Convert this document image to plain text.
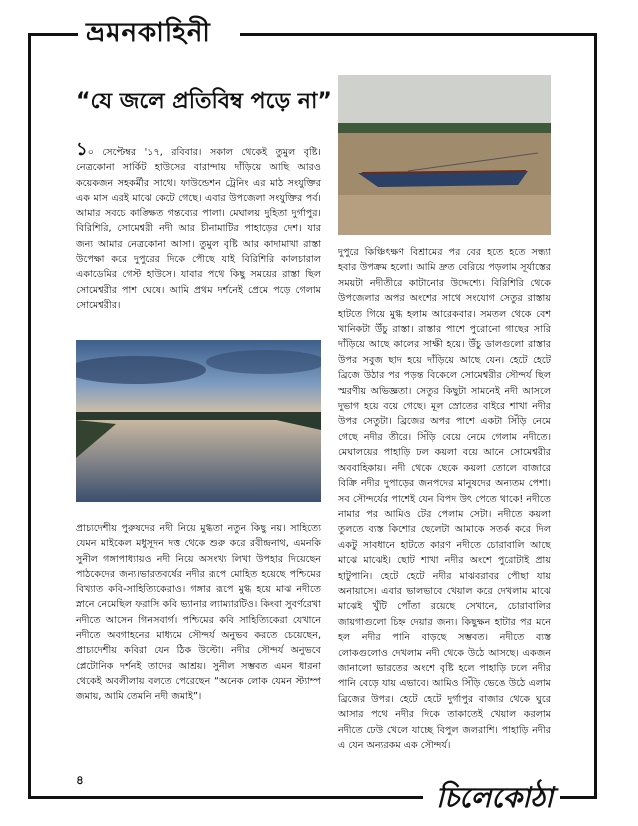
ভ্রমনকাহিনী
“যে জলে প্রতিবিম্ব পড়ে না”
১০ সেপ্টেম্বর '১৭, রবিবার। সকাল থেকেই তুমুল বৃষ্টি। নেত্রকোনা সার্কিট হাউসের বারান্দায় দাঁড়িয়ে আছি আরও কয়েকজন সহকর্মীর সাথে। ফাউন্ডেশন ট্রেনিং এর মাঠ সংযুক্তির এক মাস এরই মাঝে কেটে গেছে। এবার উপজেলা সংযুক্তির পর্ব। আমার সবচে কাঙ্ক্ষিত গন্তব্যের পালা। মেঘালয় দুহিতা দুর্গাপুর। বিরিশিরি, সোমেশ্বরী নদী আর চীনামাটির পাহাড়ের দেশ। যার জন্য আমার নেত্রকোনা আসা। তুমুল বৃষ্টি আর কাদামাখা রাস্তা উপেক্ষা করে দুপুরের দিকে পৌছে যাই বিরিশিরি কালচারাল একাডেমির গেস্ট হাউসে। যাবার পথে কিছু সময়ের রাস্তা ছিল সোমেশ্বরীর পাশ ঘেষে। আমি প্রথম দর্শনেই প্রেমে পড়ে গেলাম সোমেশ্বরীর।
প্রাচ্যদেশীয় পুরুষদের নদী নিয়ে মুগ্ধতা নতুন কিছু নয়। সাহিত্যে যেমন মাইকেল মধুসূদন দত্ত থেকে শুরু করে রবীন্দ্রনাথ, এমনকি সুনীল গঙ্গাপাধ্যায়ও নদী নিয়ে অসংখ্য লিখা উপহার দিয়েছেন পাঠকেদের জন্য।ভারতবর্ষের নদীর রূপে মোহিত হয়েছে পশ্চিমের বিখ্যাত কবি-সাহিত্যিকেরাও। গঙ্গার রূপে মুগ্ধ হয়ে মাঝ নদীতে স্নানে নেমেছিল ফরাসি কবি ভ্যানার ল্যাম্যারটিও। কিংবা সুবর্ণরেখা নদীতে আসেন গিনসবার্গ। পশ্চিমের কবি সাহিত্যিকেরা যেখানে নদীতে অবগাহনের মাধ্যমে সৌন্দর্য অনুভব করতে চেয়েছেন, প্রাচ্যদেশীয় কবিরা যেন ঠিক উল্টো। নদীর সৌন্দর্য অনুভবে প্লেটোনিক দর্শনই তাদের আশ্রয়। সুনীল সম্ভবত এমন ধারনা থেকেই অবলীলায় বলতে পেরেছেন “অনেক লোক যেমন স্ট্যাম্প জমায়, আমি তেমনি নদী জমাই”।
দুপুরে কিঞ্চিৎক্ষণ বিশ্রামের পর বের হতে হতে সন্ধ্যা হবার উপক্রম হলো। আমি দ্রুত বেরিয়ে পড়লাম সূর্যাস্তের সময়টা নদীতীরে কাটানোর উদ্দেশ্যে। বিরিশিরি থেকে উপজেলার অপর অংশের সাথে সংযোগ সেতুর রাস্তায় হাটতে গিয়ে মুগ্ধ হলাম আরেকবার। সমতল থেকে বেশ খানিকটা উঁচু রাস্তা। রাস্তার পাশে পুরোনো গাছের সারি দাঁড়িয়ে আছে কালের সাক্ষী হয়ে। উঁচু ডালগুলো রাস্তার উপর সবুজ ছাদ হয়ে দাঁড়িয়ে আছে যেন। হেটে হেটে ব্রিজে উঠার পর পড়ন্ত বিকেলে সোমেশ্বরীর সৌন্দর্য ছিল স্মরণীয় অভিজ্ঞতা। সেতুর কিছুটা সামনেই নদী আসলে দুভাগ হয়ে বয়ে গেছে। মূল স্রোতের বাইরে শাখা নদীর উপর সেতুটা। ব্রিজের অপর পাশে একটা সিঁড়ি নেমে গেছে নদীর তীরে। সিঁড়ি বেয়ে নেমে গেলাম নদীতে। মেঘালয়ের পাহাড়ি ঢল কয়লা বয়ে আনে সোমেশ্বরীর অববাহিকায়। নদী থেকে ছেকে কয়লা তোলে বাজারে বিক্রি নদীর দুপাড়ের জনপদের মানুষদের অন্যতম পেশা। সব সৌন্দর্যের পাশেই যেন বিপদ উৎ পেতে থাকে! নদীতে নামার পর আমিও টের পেলাম সেটা। নদীতে কয়লা তুলতে ব্যস্ত কিশোর ছেলেটা আমাকে সতর্ক করে দিল একটু সাবধানে হাটতে কারণ নদীতে চোরাবালি আছে মাঝে মাঝেই। ছোট শাখা নদীর অংশে পুরোটাই প্রায় হাটুপানি। হেটে হেটে নদীর মাঝবরাবর পৌছা যায় অনায়াসে। এবার ভালভাবে খেয়াল করে দেখলাম মাঝে মাঝেই খুঁটি পোঁতা রয়েছে সেখানে, চোরাবালির জায়গাগুলো চিহ্ন দেয়ার জন্য। কিছুক্ষন হাটার পর মনে হল নদীর পানি বাড়ছে সম্ভবত। নদীতে ব্যস্ত লোকগুলোও দেখলাম নদী থেকে উঠে আসছে। একজন জানালো ভারতের অংশে বৃষ্টি হলে পাহাড়ি ঢলে নদীর পানি বেড়ে যায় এভাবে। আমিও সিঁড়ি ভেঙে উঠে এলাম ব্রিজের উপর। হেটে হেটে দুর্গাপুর বাজার থেকে ঘুরে আসার পথে নদীর দিকে তাকাতেই খেয়াল করলাম নদীতে ঢেউ খেলে যাচ্ছে বিপুল জলরাশি। পাহাড়ি নদীর এ যেন অন্যরকম এক সৌন্দর্য।
৪
চিলেকোঠা
